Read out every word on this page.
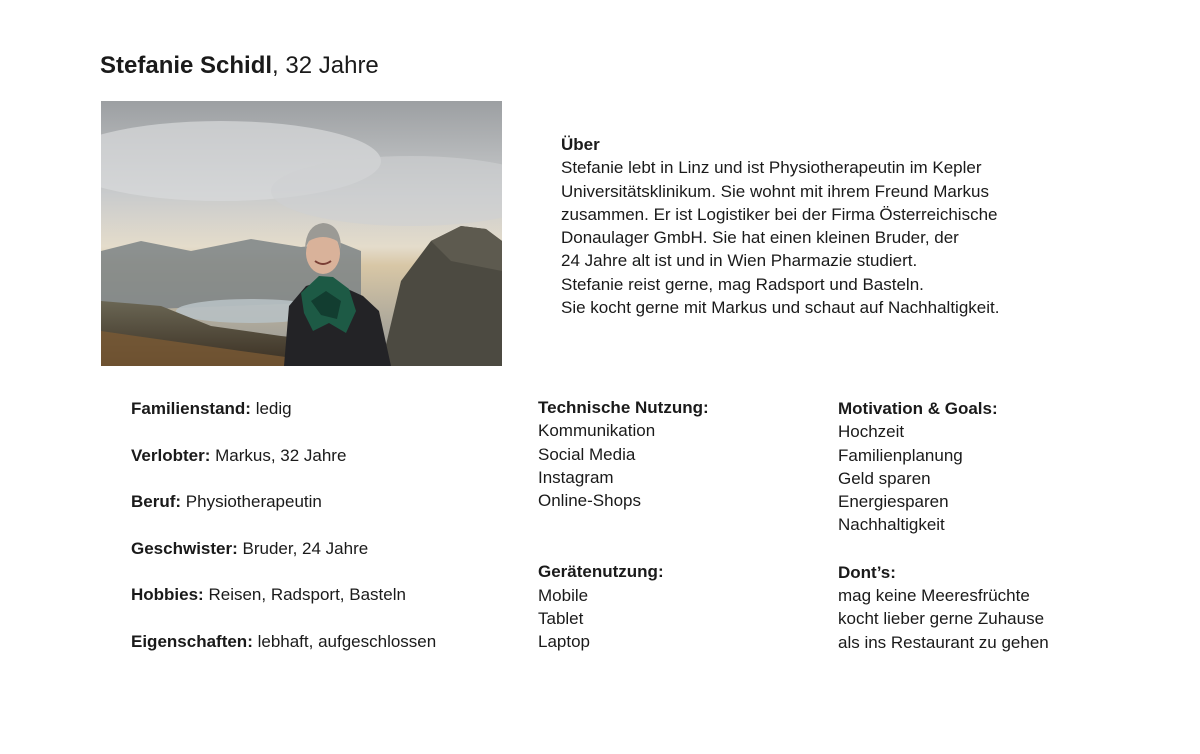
Stefanie Schidl, 32 Jahre
Über
Stefanie lebt in Linz und ist Physiotherapeutin im Kepler
Universitätsklinikum. Sie wohnt mit ihrem Freund Markus
zusammen. Er ist Logistiker bei der Firma Österreichische
Donaulager GmbH. Sie hat einen kleinen Bruder, der
24 Jahre alt ist und in Wien Pharmazie studiert.
Stefanie reist gerne, mag Radsport und Basteln.
Sie kocht gerne mit Markus und schaut auf Nachhaltigkeit.
Familienstand: ledig
Verlobter: Markus, 32 Jahre
Beruf: Physiotherapeutin
Geschwister: Bruder, 24 Jahre
Hobbies: Reisen, Radsport, Basteln
Eigenschaften: lebhaft, aufgeschlossen
Technische Nutzung:
Kommunikation
Social Media
Instagram
Online-Shops
Gerätenutzung:
Mobile
Tablet
Laptop
Motivation & Goals:
Hochzeit
Familienplanung
Geld sparen
Energiesparen
Nachhaltigkeit
Dont’s:
mag keine Meeresfrüchte
kocht lieber gerne Zuhause
als ins Restaurant zu gehen
